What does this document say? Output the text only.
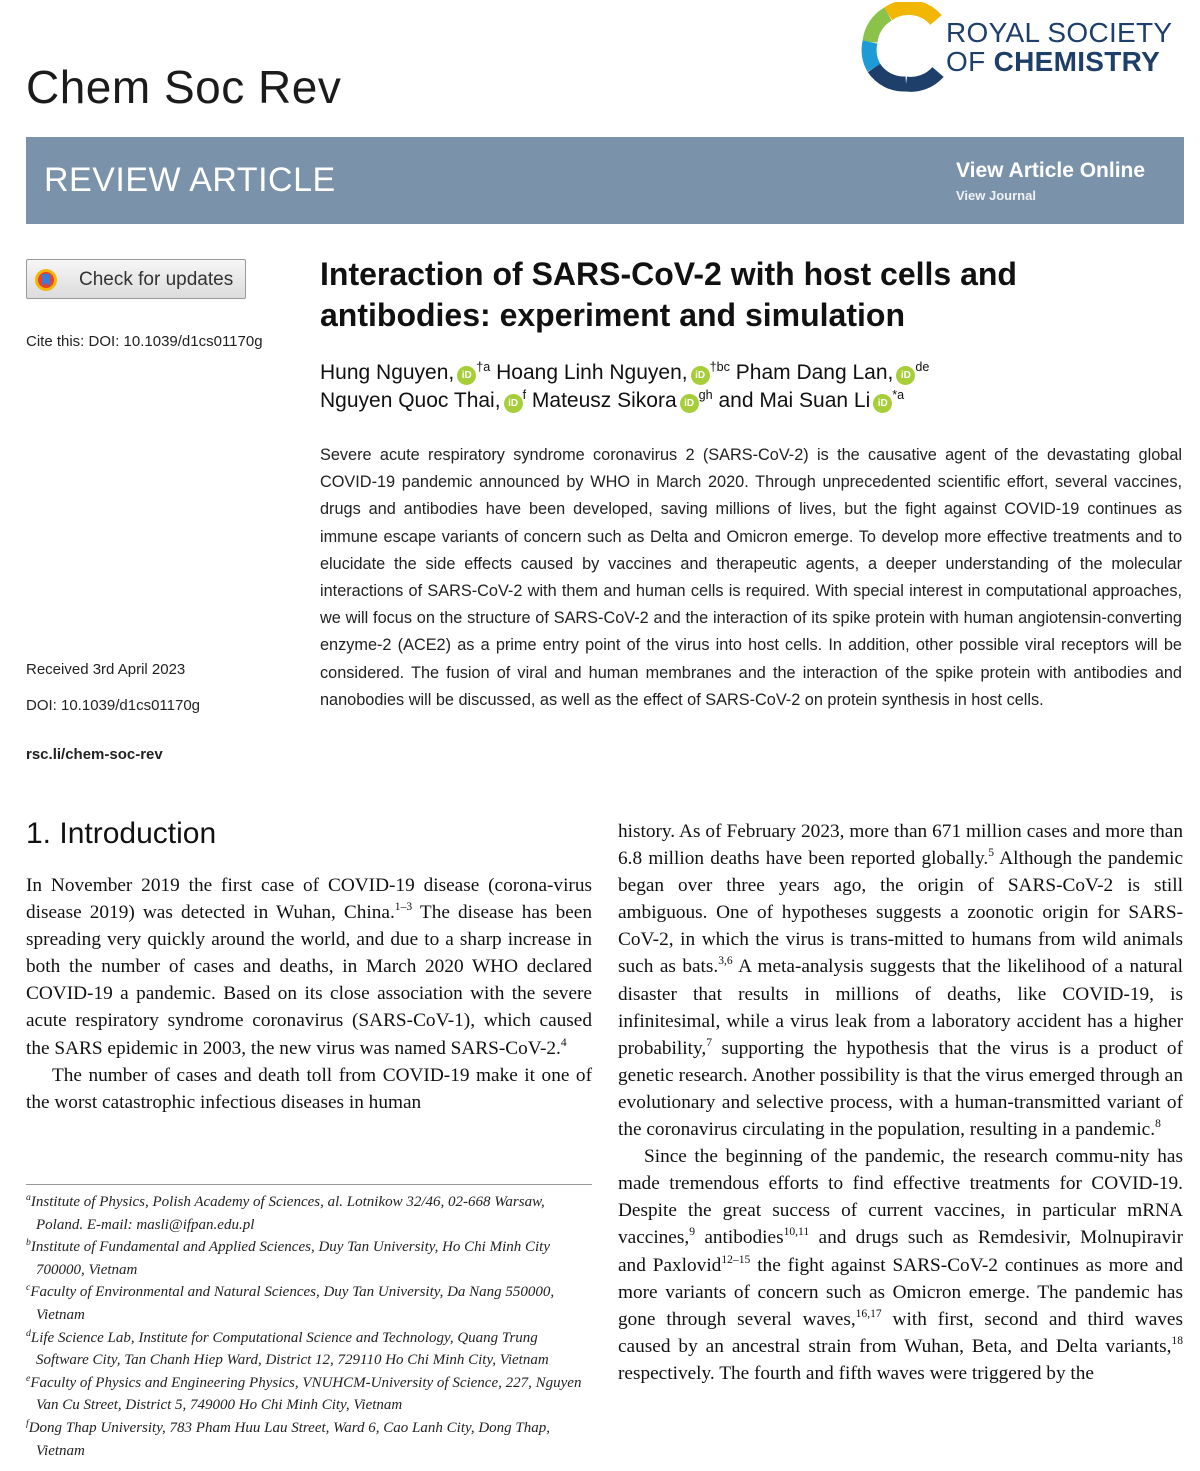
Chem Soc Rev
ROYAL SOCIETY
OF CHEMISTRY
REVIEW ARTICLE	View Article Online
View Journal
Check for updates
Cite this: DOI: 10.1039/d1cs01170g
Received 3rd April 2023
DOI: 10.1039/d1cs01170g
rsc.li/chem-soc-rev
Interaction of SARS-CoV-2 with host cells and
antibodies: experiment and simulation
Hung Nguyen, $iD^{\dagger a}$ Hoang Linh Nguyen, $iD^{\dagger bc}$ Pham Dang Lan, $iD^{de}$
Nguyen Quoc Thai, $iD^f$ Mateusz Sikora $iD^{gh}$ and Mai Suan Li $iD^{*a}$
Severe acute respiratory syndrome coronavirus 2 (SARS-CoV-2) is the causative agent of the devastating global COVID-19 pandemic announced by WHO in March 2020. Through unprecedented scientific effort, several vaccines, drugs and antibodies have been developed, saving millions of lives, but the fight against COVID-19 continues as immune escape variants of concern such as Delta and Omicron emerge. To develop more effective treatments and to elucidate the side effects caused by vaccines and therapeutic agents, a deeper understanding of the molecular interactions of SARS-CoV-2 with them and human cells is required. With special interest in computational approaches, we will focus on the structure of SARS-CoV-2 and the interaction of its spike protein with human angiotensin-converting enzyme-2 (ACE2) as a prime entry point of the virus into host cells. In addition, other possible viral receptors will be considered. The fusion of viral and human membranes and the interaction of the spike protein with antibodies and nanobodies will be discussed, as well as the effect of SARS-CoV-2 on protein synthesis in host cells.
1. Introduction

In November 2019 the first case of COVID-19 disease (corona-virus disease 2019) was detected in Wuhan, China.$^{1-3}$ The disease has been spreading very quickly around the world, and due to a sharp increase in both the number of cases and deaths, in March 2020 WHO declared COVID-19 a pandemic. Based on its close association with the severe acute respiratory syndrome coronavirus (SARS-CoV-1), which caused the SARS epidemic in 2003, the new virus was named SARS-CoV-2.$^4$

The number of cases and death toll from COVID-19 make it one of the worst catastrophic infectious diseases in human

$^a$Institute of Physics, Polish Academy of Sciences, al. Lotnikow 32/46, 02-668 Warsaw, Poland. E-mail: masli@ifpan.edu.pl
$^b$Institute of Fundamental and Applied Sciences, Duy Tan University, Ho Chi Minh City 700000, Vietnam
$^c$Faculty of Environmental and Natural Sciences, Duy Tan University, Da Nang 550000, Vietnam
$^d$Life Science Lab, Institute for Computational Science and Technology, Quang Trung Software City, Tan Chanh Hiep Ward, District 12, 729110 Ho Chi Minh City, Vietnam
$^e$Faculty of Physics and Engineering Physics, VNUHCM-University of Science, 227, Nguyen Van Cu Street, District 5, 749000 Ho Chi Minh City, Vietnam
$^f$Dong Thap University, 783 Pham Huu Lau Street, Ward 6, Cao Lanh City, Dong Thap, Vietnam

history. As of February 2023, more than 671 million cases and more than 6.8 million deaths have been reported globally.$^5$ Although the pandemic began over three years ago, the origin of SARS-CoV-2 is still ambiguous. One of hypotheses suggests a zoonotic origin for SARS-CoV-2, in which the virus is trans-mitted to humans from wild animals such as bats.$^{3,6}$ A meta-analysis suggests that the likelihood of a natural disaster that results in millions of deaths, like COVID-19, is infinitesimal, while a virus leak from a laboratory accident has a higher probability,$^7$ supporting the hypothesis that the virus is a product of genetic research. Another possibility is that the virus emerged through an evolutionary and selective process, with a human-transmitted variant of the coronavirus circulating in the population, resulting in a pandemic.$^8$

Since the beginning of the pandemic, the research commu-nity has made tremendous efforts to find effective treatments for COVID-19. Despite the great success of current vaccines, in particular mRNA vaccines,$^9$ antibodies$^{10,11}$ and drugs such as Remdesivir, Molnupiravir and Paxlovid$^{12-15}$ the fight against SARS-CoV-2 continues as more and more variants of concern such as Omicron emerge. The pandemic has gone through several waves,$^{16,17}$ with first, second and third waves caused by an ancestral strain from Wuhan, Beta, and Delta variants,$^{18}$ respectively. The fourth and fifth waves were triggered by the
